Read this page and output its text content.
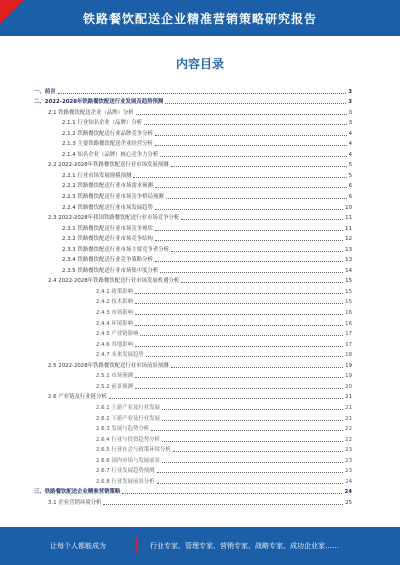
铁路餐饮配送企业精准营销策略研究报告
内容目录
一、前言	3
二、2022-2028年铁路餐饮配送行业发展及趋势预测	3
2.1 铁路餐饮配送企业（品牌）分析	3
2.1.1 行业知名企业（品牌）分析	3
2.1.2 铁路餐饮配送行业品牌竞争分析	4
2.1.3 主要铁路餐饮配送企业经营分析	4
2.1.4 知名企业（品牌）核心竞争力分析	4
2.2 2022-2028年铁路餐饮配送行业市场发展预测	5
2.2.1 行业市场发展规模预测	5
2.2.2 铁路餐饮配送行业市场需求预测	6
2.2.3 铁路餐饮配送行业市场竞争格局预测	6
2.2.4 铁路餐饮配送行业市场发展趋势	10
2.3 2022-2028年我国铁路餐饮配送行业市场竞争分析	11
2.3.1 铁路餐饮配送行业市场竞争现状	11
2.3.2 铁路餐饮配送行业市场竞争结构	12
2.3.3 铁路餐饮配送行业市场主要竞争者分析	13
2.3.4 铁路餐饮配送行业竞争策略分析	13
2.3.5 铁路餐饮配送行业市场集中度分析	14
2.4 2022-2028年铁路餐饮配送行业市场发展机遇分析	15
2.4.1 政策影响	15
2.4.2 技术影响	15
2.4.3 市场影响	16
2.4.4 环境影响	16
2.4.5 产业链影响	17
2.4.6 其他影响	17
2.4.7 未来发展趋势	18
2.5 2022-2028年铁路餐饮配送行业市场前景预测	19
2.5.1 市场预测	19
2.5.2 前景预测	20
2.6 产业链及行业链分析	21
2.6.1 上游产业及行业发展	21
2.6.2 下游产业及行业发展	21
2.6.3 发展与趋势分析	22
2.6.4 行业与投资趋势分析	22
2.6.5 行业社会与政策环境分析	23
2.6.6 国内市场与发展前景	23
2.6.7 行业发展趋势预测	23
2.6.8 行业发展前景分析	24
三、铁路餐饮配送企业精准营销策略	24
3.1 企业营销环境分析	25
让每个人都能成为	行业专家、管理专家、营销专家、战略专家、成功企业家……
